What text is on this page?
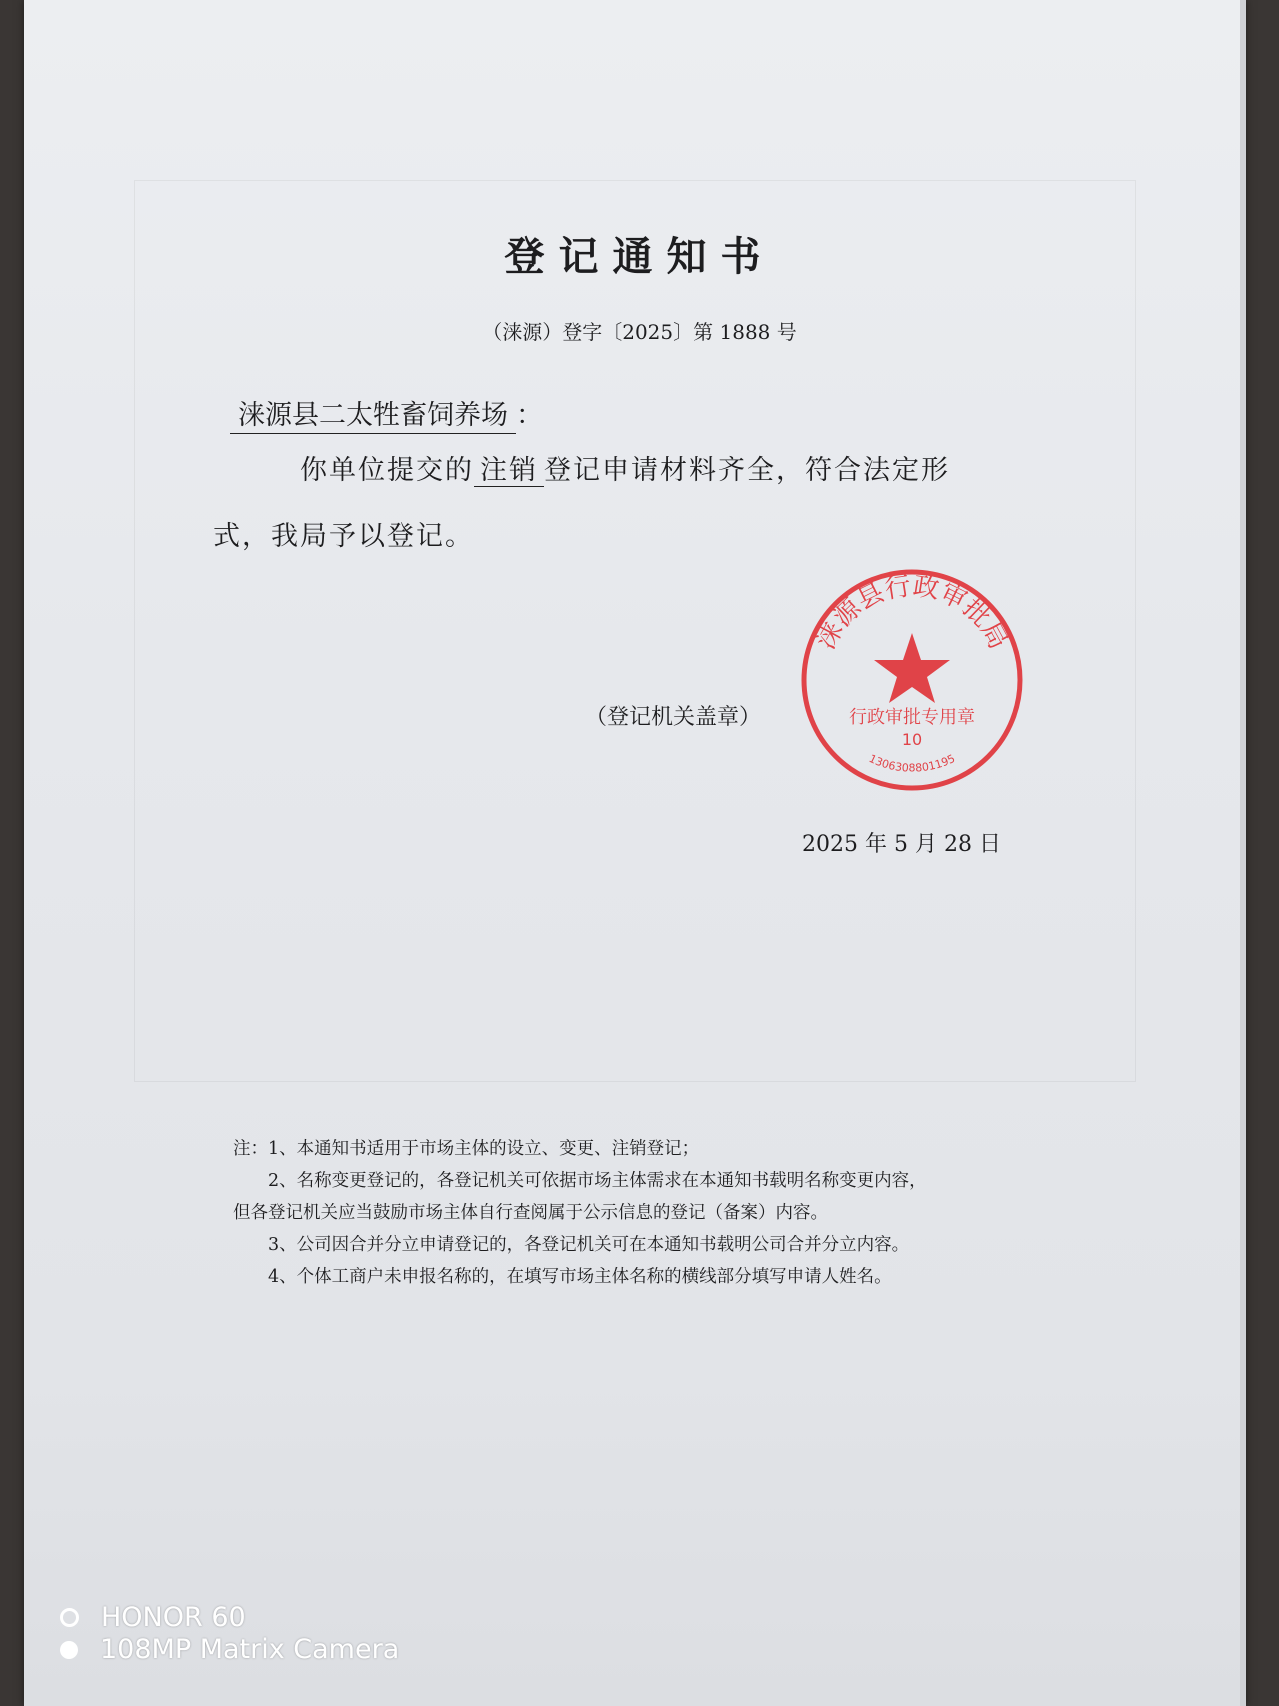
登记通知书
（涞源）登字〔2025〕第 1888 号
涞源县二太牲畜饲养场 ：
你单位提交的 注销 登记申请材料齐全，符合法定形
式，我局予以登记。
涞源县行政审批局
行政审批专用章
10
1306308801195
（登记机关盖章）
2025 年 5 月 28 日
注：1、本通知书适用于市场主体的设立、变更、注销登记；
　　2、名称变更登记的，各登记机关可依据市场主体需求在本通知书载明名称变更内容，
但各登记机关应当鼓励市场主体自行查阅属于公示信息的登记（备案）内容。
　　3、公司因合并分立申请登记的，各登记机关可在本通知书载明公司合并分立内容。
　　4、个体工商户未申报名称的，在填写市场主体名称的横线部分填写申请人姓名。
HONOR 60
108MP Matrix Camera
